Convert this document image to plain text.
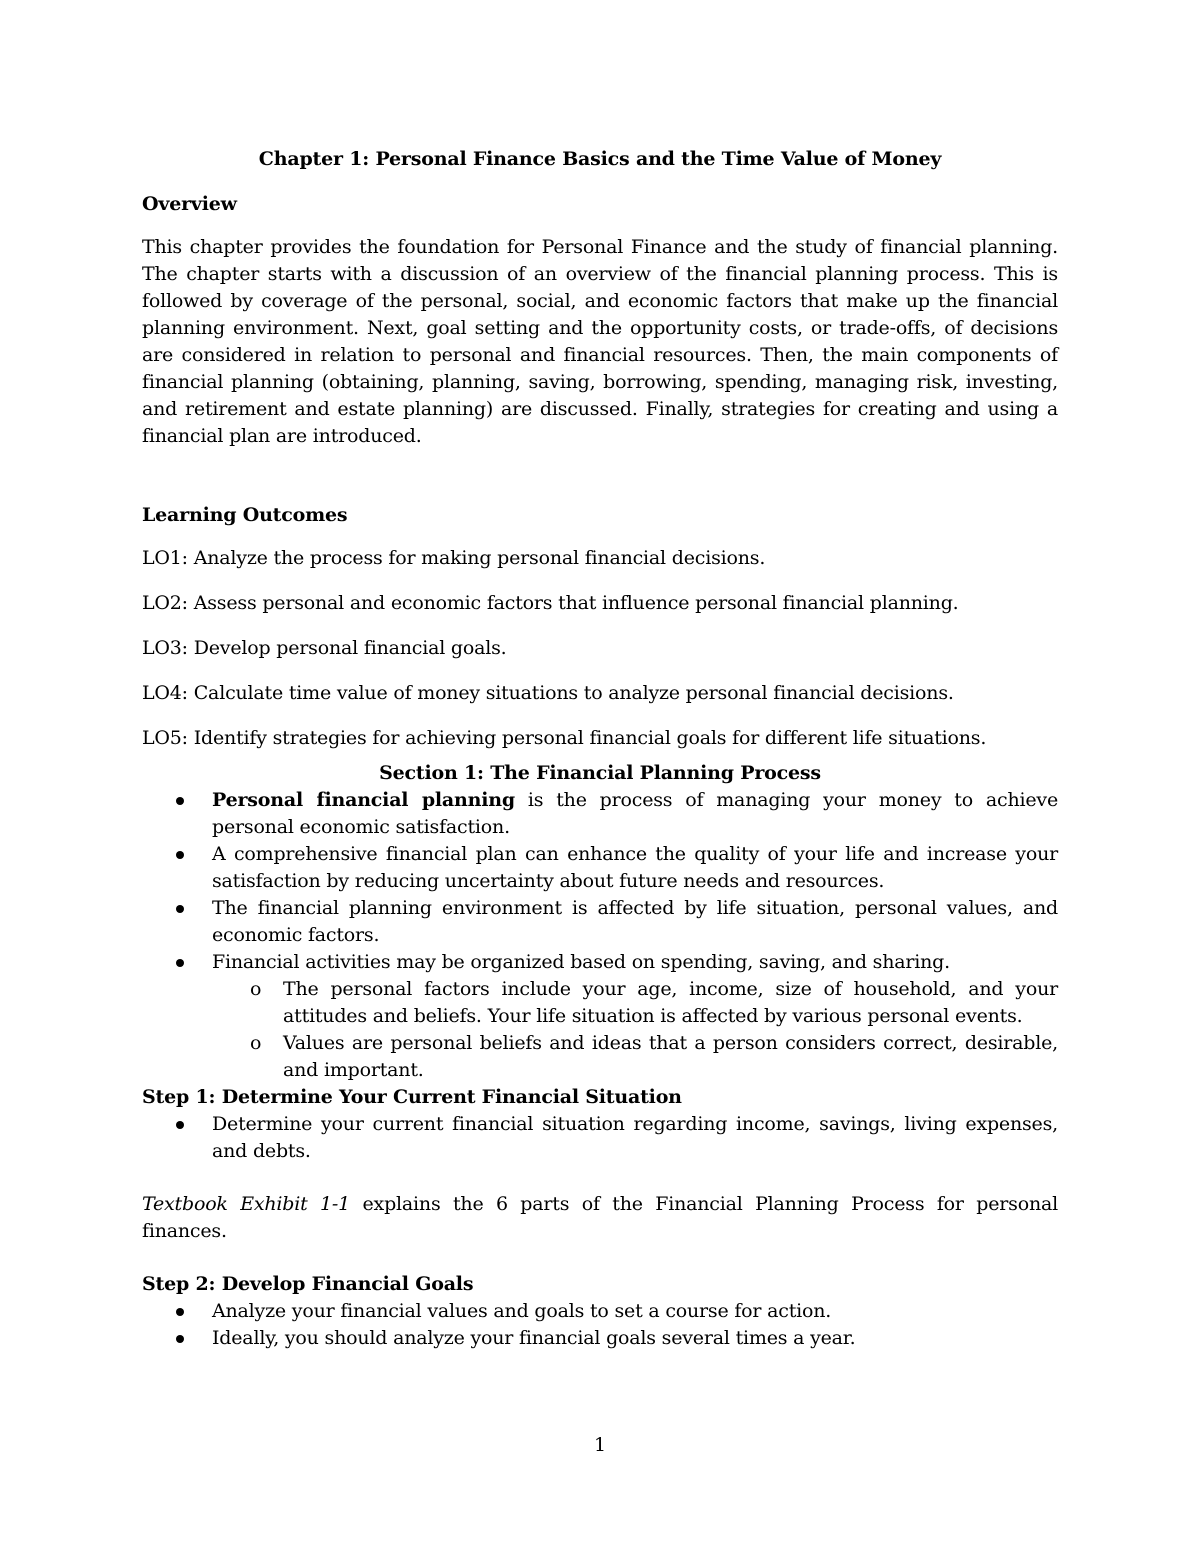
Chapter 1: Personal Finance Basics and the Time Value of Money

Overview

This chapter provides the foundation for Personal Finance and the study of financial planning. The chapter starts with a discussion of an overview of the financial planning process. This is followed by coverage of the personal, social, and economic factors that make up the financial planning environment. Next, goal setting and the opportunity costs, or trade-offs, of decisions are considered in relation to personal and financial resources. Then, the main components of financial planning (obtaining, planning, saving, borrowing, spending, managing risk, investing, and retirement and estate planning) are discussed. Finally, strategies for creating and using a financial plan are introduced.

Learning Outcomes

LO1: Analyze the process for making personal financial decisions.

LO2: Assess personal and economic factors that influence personal financial planning.

LO3: Develop personal financial goals.

LO4: Calculate time value of money situations to analyze personal financial decisions.

LO5: Identify strategies for achieving personal financial goals for different life situations.

Section 1: The Financial Planning Process

Personal financial planning is the process of managing your money to achieve personal economic satisfaction.
A comprehensive financial plan can enhance the quality of your life and increase your satisfaction by reducing uncertainty about future needs and resources.
The financial planning environment is affected by life situation, personal values, and economic factors.
Financial activities may be organized based on spending, saving, and sharing.
o The personal factors include your age, income, size of household, and your attitudes and beliefs. Your life situation is affected by various personal events.
o Values are personal beliefs and ideas that a person considers correct, desirable, and important.

Step 1: Determine Your Current Financial Situation

Determine your current financial situation regarding income, savings, living expenses, and debts.

Textbook Exhibit 1-1 explains the 6 parts of the Financial Planning Process for personal finances.

Step 2: Develop Financial Goals

Analyze your financial values and goals to set a course for action.
Ideally, you should analyze your financial goals several times a year.
1
